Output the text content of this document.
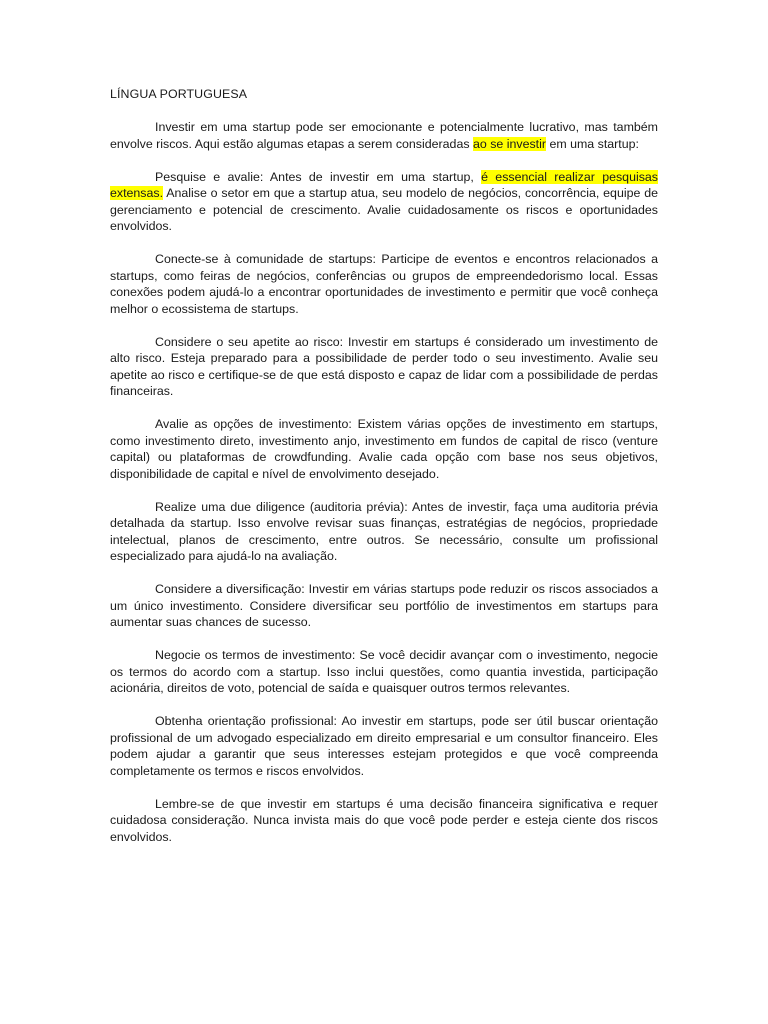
LÍNGUA PORTUGUESA

Investir em uma startup pode ser emocionante e potencialmente lucrativo, mas também envolve riscos. Aqui estão algumas etapas a serem consideradas ao se investir em uma startup:

Pesquise e avalie: Antes de investir em uma startup, é essencial realizar pesquisas extensas. Analise o setor em que a startup atua, seu modelo de negócios, concorrência, equipe de gerenciamento e potencial de crescimento. Avalie cuidadosamente os riscos e oportunidades envolvidos.

Conecte-se à comunidade de startups: Participe de eventos e encontros relacionados a startups, como feiras de negócios, conferências ou grupos de empreendedorismo local. Essas conexões podem ajudá-lo a encontrar oportunidades de investimento e permitir que você conheça melhor o ecossistema de startups.

Considere o seu apetite ao risco: Investir em startups é considerado um investimento de alto risco. Esteja preparado para a possibilidade de perder todo o seu investimento. Avalie seu apetite ao risco e certifique-se de que está disposto e capaz de lidar com a possibilidade de perdas financeiras.

Avalie as opções de investimento: Existem várias opções de investimento em startups, como investimento direto, investimento anjo, investimento em fundos de capital de risco (venture capital) ou plataformas de crowdfunding. Avalie cada opção com base nos seus objetivos, disponibilidade de capital e nível de envolvimento desejado.

Realize uma due diligence (auditoria prévia): Antes de investir, faça uma auditoria prévia detalhada da startup. Isso envolve revisar suas finanças, estratégias de negócios, propriedade intelectual, planos de crescimento, entre outros. Se necessário, consulte um profissional especializado para ajudá-lo na avaliação.

Considere a diversificação: Investir em várias startups pode reduzir os riscos associados a um único investimento. Considere diversificar seu portfólio de investimentos em startups para aumentar suas chances de sucesso.

Negocie os termos de investimento: Se você decidir avançar com o investimento, negocie os termos do acordo com a startup. Isso inclui questões, como quantia investida, participação acionária, direitos de voto, potencial de saída e quaisquer outros termos relevantes.

Obtenha orientação profissional: Ao investir em startups, pode ser útil buscar orientação profissional de um advogado especializado em direito empresarial e um consultor financeiro. Eles podem ajudar a garantir que seus interesses estejam protegidos e que você compreenda completamente os termos e riscos envolvidos.

Lembre-se de que investir em startups é uma decisão financeira significativa e requer cuidadosa consideração. Nunca invista mais do que você pode perder e esteja ciente dos riscos envolvidos.
